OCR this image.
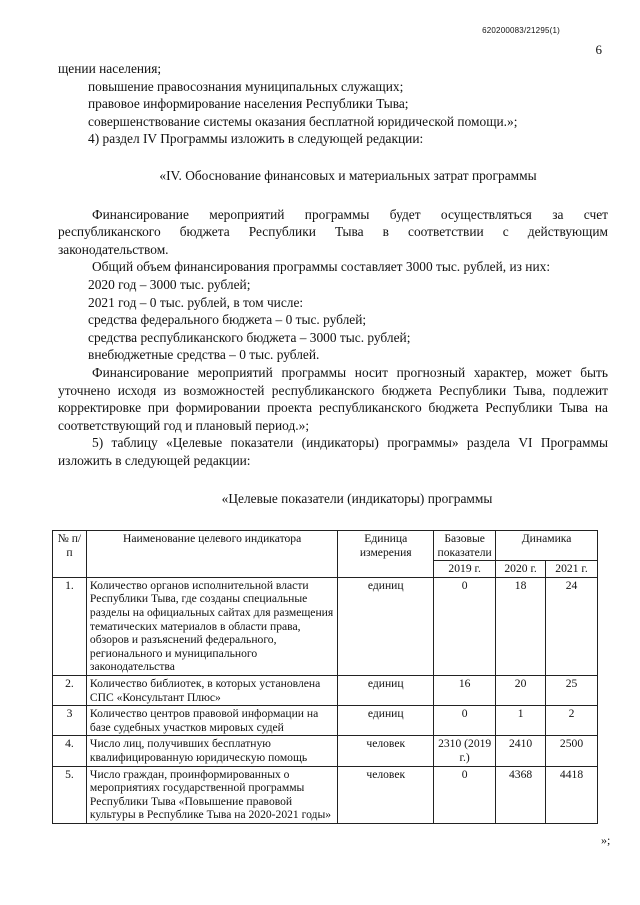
620200083/21295(1)
6

щении населения;

повышение правосознания муниципальных служащих;

правовое информирование населения Республики Тыва;

совершенствование системы оказания бесплатной юридической помощи.»;

4) раздел IV Программы изложить в следующей редакции:

«IV. Обоснование финансовых и материальных затрат программы

Финансирование мероприятий программы будет осуществляться за счет республиканского бюджета Республики Тыва в соответствии с действующим законодательством.

Общий объем финансирования программы составляет 3000 тыс. рублей, из них:

2020 год – 3000 тыс. рублей;

2021 год – 0 тыс. рублей, в том числе:

средства федерального бюджета – 0 тыс. рублей;

средства республиканского бюджета – 3000 тыс. рублей;

внебюджетные средства – 0 тыс. рублей.

Финансирование мероприятий программы носит прогнозный характер, может быть уточнено исходя из возможностей республиканского бюджета Республики Тыва, подлежит корректировке при формировании проекта республиканского бюджета Республики Тыва на соответствующий год и плановый период.»;

5) таблицу «Целевые показатели (индикаторы) программы» раздела VI Программы изложить в следующей редакции:

«Целевые показатели (индикаторы) программы

№ п/п	Наименование целевого индикатора	Единица измерения	Базовые показатели	Динамика	
			2019 г.	2020 г.	2021 г.
1.	Количество органов исполнительной власти Республики Тыва, где созданы специальные разделы на официальных сайтах для размещения тематических материалов в области права, обзоров и разъяснений федерального, регионального и муниципального законодательства	единиц	0	18	24
2.	Количество библиотек, в которых установлена СПС «Консультант Плюс»	единиц	16	20	25
3	Количество центров правовой информации на базе судебных участков мировых судей	единиц	0	1	2
4.	Число лиц, получивших бесплатную квалифицированную юридическую помощь	человек	2310 (2019 г.)	2410	2500
5.	Число граждан, проинформированных о мероприятиях государственной программы Республики Тыва «Повышение правовой культуры в Республике Тыва на 2020-2021 годы»	человек	0	4368	4418
»;
